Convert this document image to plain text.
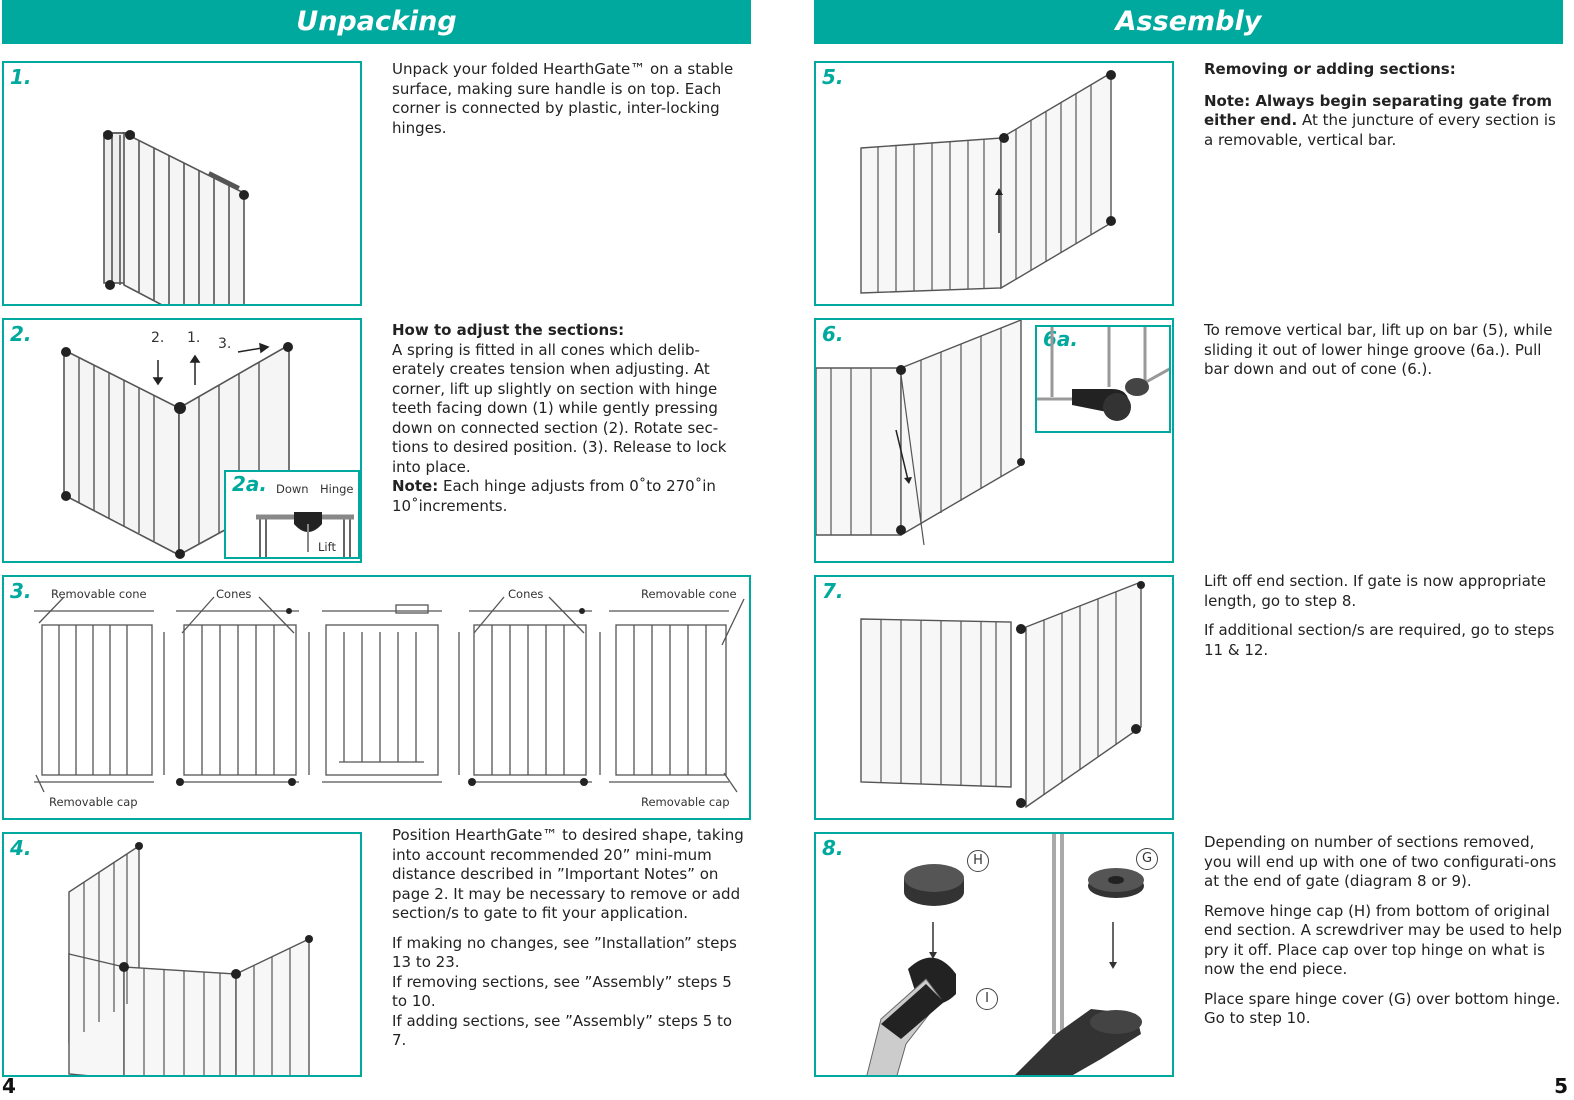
Unpacking	Assembly
1.	Unpack your folded HearthGate™ on a stable surface, making sure handle is on top. Each corner is connected by plastic, inter-locking hinges.
2.	2. 1. 3.
2a. Down Hinge
Lift
How to adjust the sections:
A spring is fitted in all cones which delib-erately creates tension when adjusting. At corner, lift up slightly on section with hinge teeth facing down (1) while gently pressing down on connected section (2). Rotate sec-tions to desired position. (3). Release to lock into place.
Note: Each hinge adjusts from 0˚to 270˚in 10˚increments.
3. Removable cone	Cones	Cones	Removable cone
Removable cap	Removable cap
4.

Position HearthGate™ to desired shape, taking into account recommended 20” mini-mum distance described in ”Important Notes” on page 2. It may be necessary to remove or add section/s to gate to fit your application.

If making no changes, see ”Installation” steps 13 to 23.

If removing sections, see ”Assembly” steps 5 to 10.

If adding sections, see ”Assembly” steps 5 to 7.

5.	Removing or adding sections:

Note: Always begin separating gate from either end. At the juncture of every section is a removable, vertical bar.

6.	6a.	To remove vertical bar, lift up on bar (5), while sliding it out of lower hinge groove (6a.). Pull bar down and out of cone (6.).
7.	Lift off end section. If gate is now appropriate length, go to step 8.

If additional section/s are required, go to steps 11 & 12.

8.
H	G
I

Depending on number of sections removed, you will end up with one of two configurati-ons at the end of gate (diagram 8 or 9).

Remove hinge cap (H) from bottom of original end section. A screwdriver may be used to help pry it off. Place cap over top hinge on what is now the end piece.

Place spare hinge cover (G) over bottom hinge. Go to step 10.

4	5
